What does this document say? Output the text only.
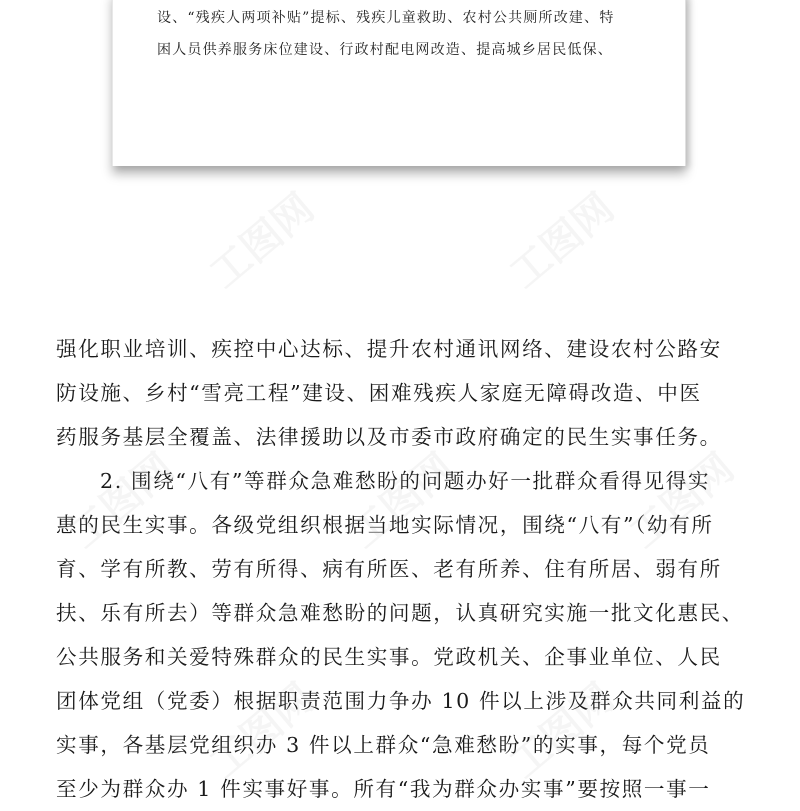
设、“残疾人两项补贴”提标、残疾儿童救助、农村公共厕所改建、特
困人员供养服务床位建设、行政村配电网改造、提高城乡居民低保、
强化职业培训、疾控中心达标、提升农村通讯网络、建设农村公路安
防设施、乡村“雪亮工程”建设、困难残疾人家庭无障碍改造、中医
药服务基层全覆盖、法律援助以及市委市政府确定的民生实事任务。
2. 围绕“八有”等群众急难愁盼的问题办好一批群众看得见得实
惠的民生实事。各级党组织根据当地实际情况，围绕“八有”（幼有所
育、学有所教、劳有所得、病有所医、老有所养、住有所居、弱有所
扶、乐有所去）等群众急难愁盼的问题，认真研究实施一批文化惠民、
公共服务和关爱特殊群众的民生实事。党政机关、企事业单位、人民
团体党组（党委）根据职责范围力争办 10 件以上涉及群众共同利益的
实事，各基层党组织办 3 件以上群众“急难愁盼”的实事，每个党员
至少为群众办 1 件实事好事。所有“我为群众办实事”要按照一事一
工图网	工图网
工图网
工图网	工图网
工图网	工图网
